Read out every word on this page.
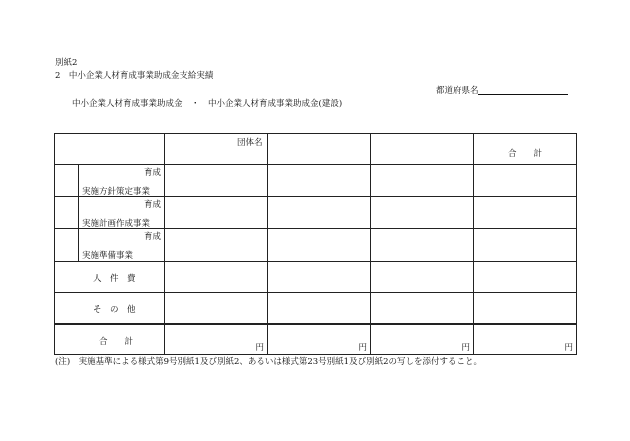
別紙2
2　中小企業人材育成事業助成金支給実績
都道府県名
中小企業人材育成事業助成金　・　中小企業人材育成事業助成金(建設)

		団体名			合　　計

	育成
実施方針策定事業				

	育成
実施計画作成事業				

	育成
実施準備事業				

人　件　費					

そ　の　他					

合　　計		円	円	円	円
(注)　実施基準による様式第9号別紙1及び別紙2、あるいは様式第23号別紙1及び別紙2の写しを添付すること。
